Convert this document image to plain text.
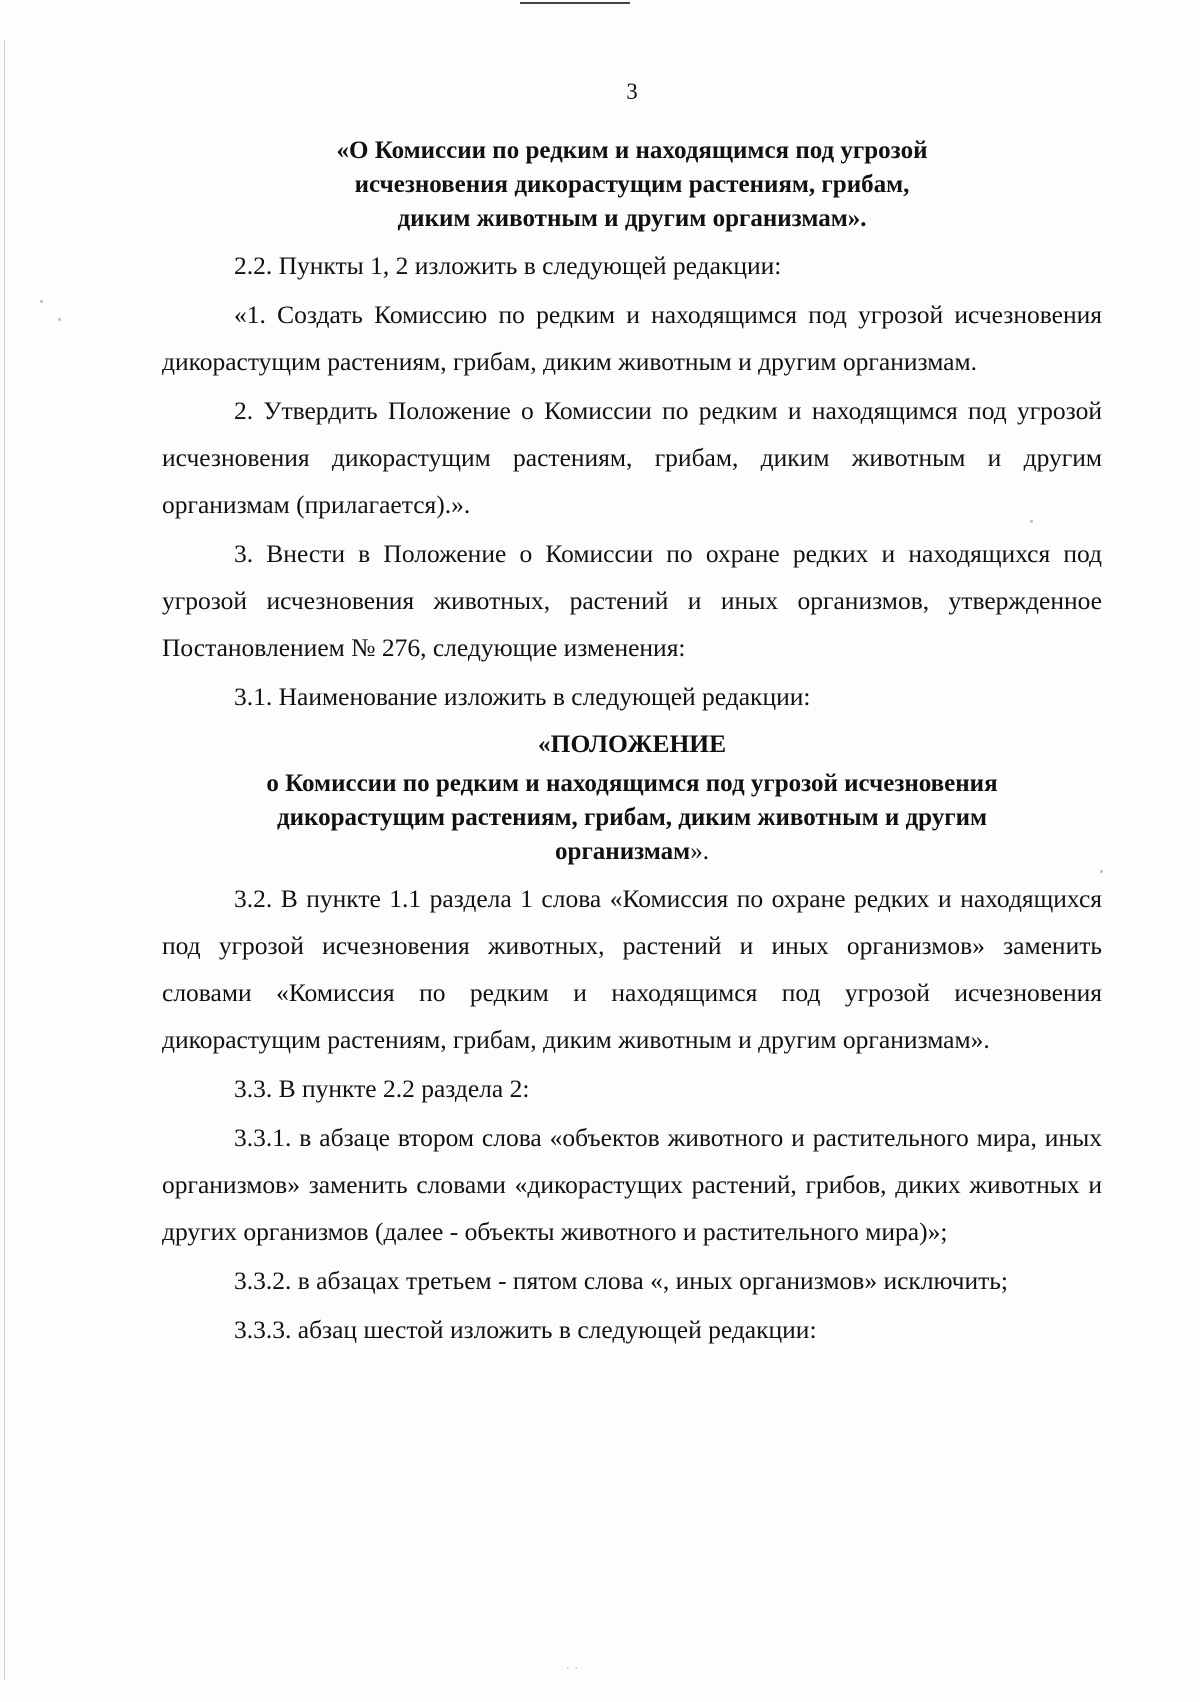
3
«О Комиссии по редким и находящимся под угрозой
исчезновения дикорастущим растениям, грибам,
диким животным и другим организмам».

2.2. Пункты 1, 2 изложить в следующей редакции:

«1. Создать Комиссию по редким и находящимся под угрозой исчезновения дикорастущим растениям, грибам, диким животным и другим организмам.

2. Утвердить Положение о Комиссии по редким и находящимся под угрозой исчезновения дикорастущим растениям, грибам, диким животным и другим организмам (прилагается).».

3. Внести в Положение о Комиссии по охране редких и находящихся под угрозой исчезновения животных, растений и иных организмов, утвержденное Постановлением № 276, следующие изменения:

3.1. Наименование изложить в следующей редакции:

«ПОЛОЖЕНИЕ
о Комиссии по редким и находящимся под угрозой исчезновения
дикорастущим растениям, грибам, диким животным и другим
организмам».

3.2. В пункте 1.1 раздела 1 слова «Комиссия по охране редких и находящихся под угрозой исчезновения животных, растений и иных организмов» заменить словами «Комиссия по редким и находящимся под угрозой исчезновения дикорастущим растениям, грибам, диким животным и другим организмам».

3.3. В пункте 2.2 раздела 2:

3.3.1. в абзаце втором слова «объектов животного и растительного мира, иных организмов» заменить словами «дикорастущих растений, грибов, диких животных и других организмов (далее - объекты животного и растительного мира)»;

3.3.2. в абзацах третьем - пятом слова «, иных организмов» исключить;

3.3.3. абзац шестой изложить в следующей редакции:

· ·
